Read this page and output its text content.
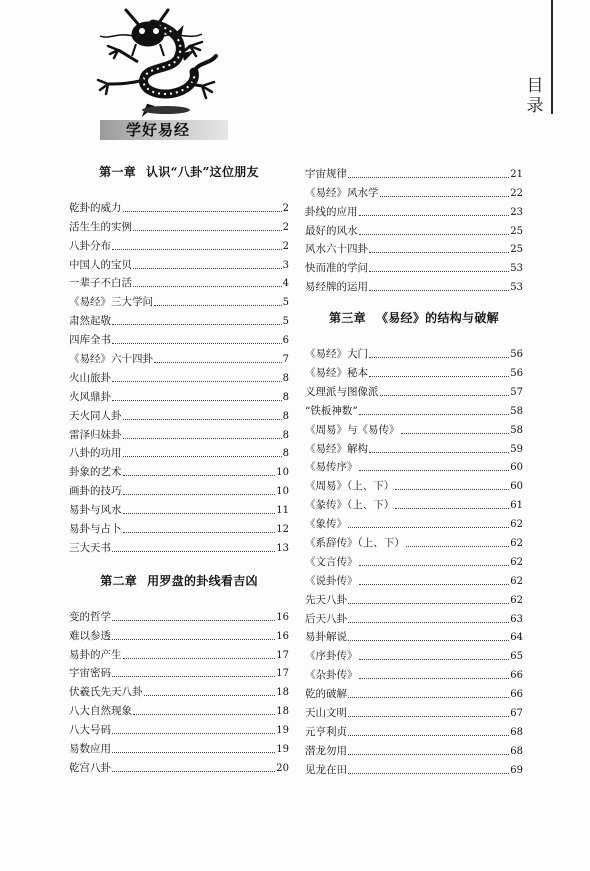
学好易经
目
录
第一章 认识“八卦”这位朋友
乾卦的威力	2
活生生的实例	2
八卦分布	2
中国人的宝贝	3
一辈子不白活	4
《易经》三大学问	5
肃然起敬	5
四库全书	6
《易经》六十四卦	7
火山旅卦	8
火风鼎卦	8
天火同人卦	8
雷泽归妹卦	8
八卦的功用	8
卦象的艺术	10
画卦的技巧	10
易卦与风水	11
易卦与占卜	12
三大天书	13
第二章 用罗盘的卦线看吉凶
变的哲学	16
难以参透	16
易卦的产生	17
宇宙密码	17
伏羲氏先天八卦	18
八大自然现象	18
八大号码	19
易数应用	19
乾宫八卦	20
宇宙规律	21
《易经》风水学	22
卦线的应用	23
最好的风水	25
风水六十四卦	25
快而准的学问	53
易经牌的运用	53
第三章 《易经》的结构与破解
《易经》大门	56
《易经》秘本	56
义理派与图像派	57
“铁板神数”	58
《周易》与《易传》	58
《易经》解构	59
《易传序》	60
《周易》（上、下）	60
《彖传》（上、下）	61
《象传》	62
《系辞传》（上、下）	62
《文言传》	62
《说卦传》	62
先天八卦	62
后天八卦	63
易卦解说	64
《序卦传》	65
《杂卦传》	66
乾的破解	66
天山文明	67
元亨利贞	68
潜龙勿用	68
见龙在田	69
